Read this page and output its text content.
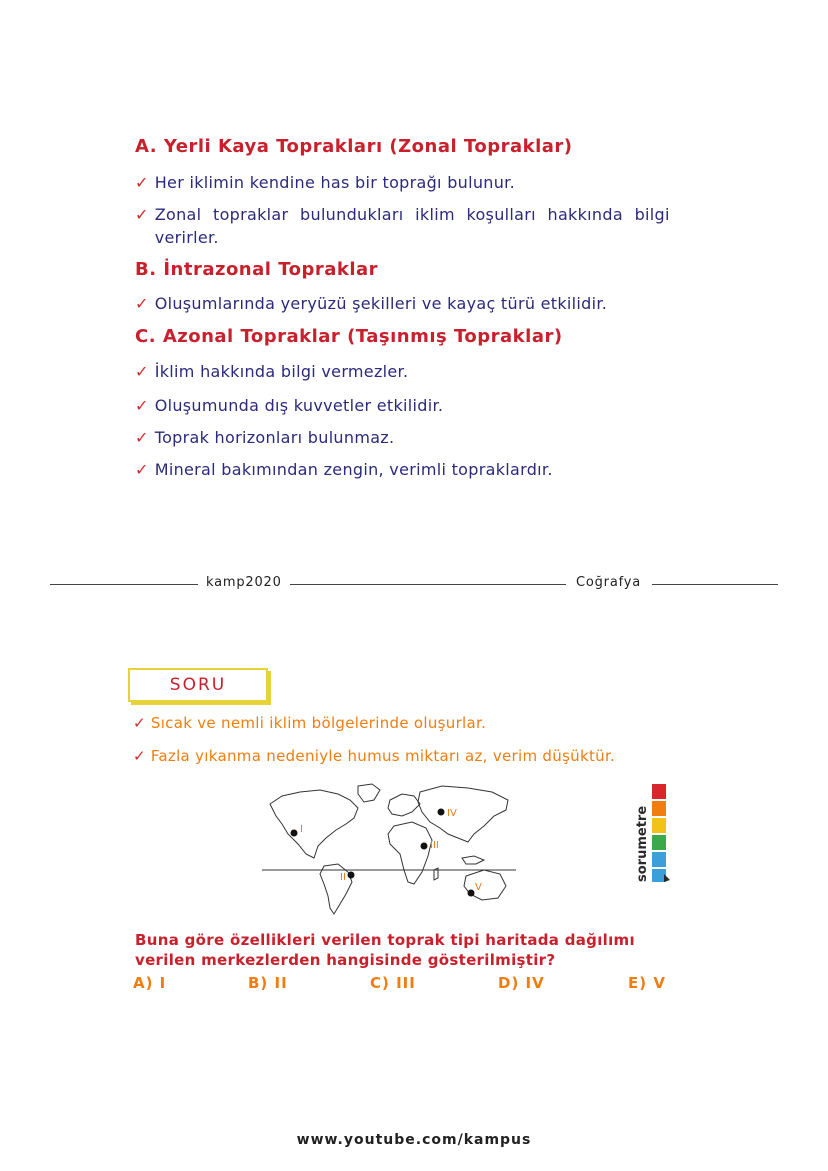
A. Yerli Kaya Toprakları (Zonal Topraklar)
✓ Her iklimin kendine has bir toprağı bulunur.
✓ Zonal topraklar bulundukları iklim koşulları hakkında bilgi verirler.
B. İntrazonal Topraklar
✓ Oluşumlarında yeryüzü şekilleri ve kayaç türü etkilidir.
C. Azonal Topraklar (Taşınmış Topraklar)
✓ İklim hakkında bilgi vermezler.
✓ Oluşumunda dış kuvvetler etkilidir.
✓ Toprak horizonları bulunmaz.
✓ Mineral bakımından zengin, verimli topraklardır.
kamp2020	Coğrafya
SORU
✓ Sıcak ve nemli iklim bölgelerinde oluşurlar.
✓ Fazla yıkanma nedeniyle humus miktarı az, verim düşüktür.
I
II
III
IV
V
sorumetre
Buna göre özellikleri verilen toprak tipi haritada dağılımı verilen merkezlerden hangisinde gösterilmiştir?
A) I	B) II	C) III	D) IV	E) V
www.youtube.com/kampus
